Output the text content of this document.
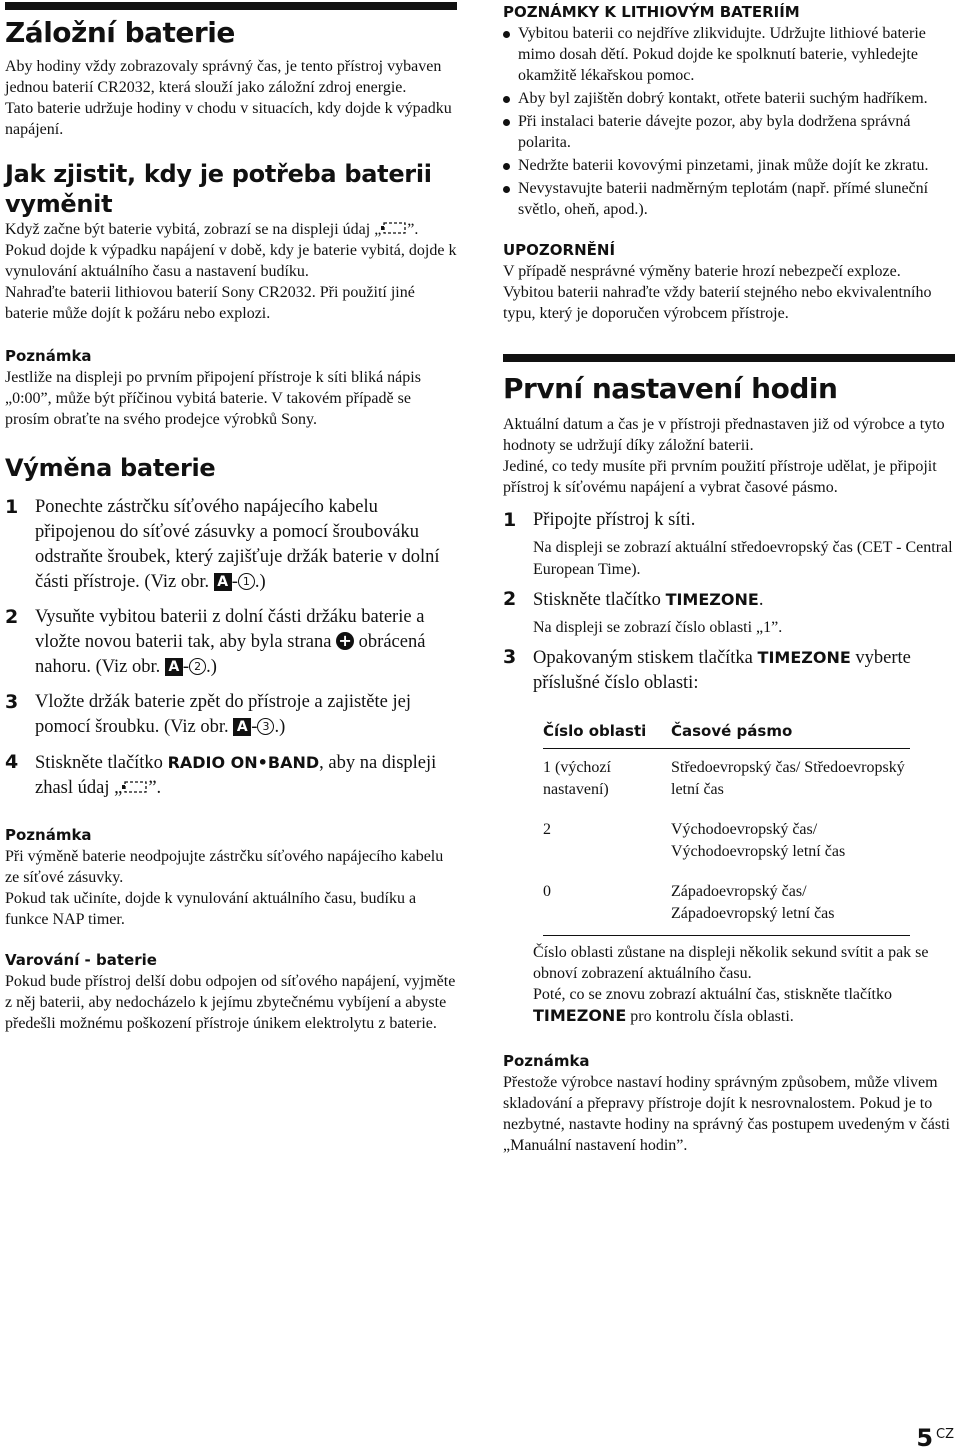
Záložní baterie

Aby hodiny vždy zobrazovaly správný čas, je tento přístroj vybaven jednou baterií CR2032, která slouží jako záložní zdroj energie.

Tato baterie udržuje hodiny v chodu v situacích, kdy dojde k výpadku napájení.

Jak zjistit, kdy je potřeba baterii vyměnit

Když začne být baterie vybitá, zobrazí se na displeji údaj „ ”.

Pokud dojde k výpadku napájení v době, kdy je baterie vybitá, dojde k vynulování aktuálního času a nastavení budíku.

Nahraďte baterii lithiovou baterií Sony CR2032. Při použití jiné baterie může dojít k požáru nebo explozi.

Poznámka

Jestliže na displeji po prvním připojení přístroje k síti bliká nápis „0:00”, může být příčinou vybitá baterie. V takovém případě se prosím obraťte na svého prodejce výrobků Sony.

Výměna baterie
1 Ponechte zástrčku síťového napájecího kabelu připojenou do síťové zásuvky a pomocí šroubováku odstraňte šroubek, který zajišťuje držák baterie v dolní části přístroje. (Viz obr. A - 1 .)
2 Vysuňte vybitou baterii z dolní části držáku baterie a vložte novou baterii tak, aby byla strana + obrácená nahoru. (Viz obr. A - 2 .)
3 Vložte držák baterie zpět do přístroje a zajistěte jej pomocí šroubku. (Viz obr. A - 3 .)
4 Stiskněte tlačítko RADIO ON•BAND, aby na displeji zhasl údaj „ ”.
Poznámka

Při výměně baterie neodpojujte zástrčku síťového napájecího kabelu ze síťové zásuvky.

Pokud tak učiníte, dojde k vynulování aktuálního času, budíku a funkce NAP timer.

Varování - baterie

Pokud bude přístroj delší dobu odpojen od síťového napájení, vyjměte z něj baterii, aby nedocházelo k jejímu zbytečnému vybíjení a abyste předešli možnému poškození přístroje únikem elektrolytu z baterie.

POZNÁMKY K LITHIOVÝM BATERIÍM
Vybitou baterii co nejdříve zlikvidujte. Udržujte lithiové baterie mimo dosah dětí. Pokud dojde ke spolknutí baterie, vyhledejte okamžitě lékařskou pomoc.
Aby byl zajištěn dobrý kontakt, otřete baterii suchým hadříkem.
Při instalaci baterie dávejte pozor, aby byla dodržena správná polarita.
Nedržte baterii kovovými pinzetami, jinak může dojít ke zkratu.
Nevystavujte baterii nadměrným teplotám (např. přímé sluneční světlo, oheň, apod.).
UPOZORNĚNÍ

V případě nesprávné výměny baterie hrozí nebezpečí exploze.

Vybitou baterii nahraďte vždy baterií stejného nebo ekvivalentního typu, který je doporučen výrobcem přístroje.

První nastavení hodin

Aktuální datum a čas je v přístroji přednastaven již od výrobce a tyto hodnoty se udržují díky záložní baterii.

Jediné, co tedy musíte při prvním použití přístroje udělat, je připojit přístroj k síťovému napájení a vybrat časové pásmo.

1 Připojte přístroj k síti.
Na displeji se zobrazí aktuální středoevropský čas (CET - Central European Time).
2 Stiskněte tlačítko TIMEZONE.
Na displeji se zobrazí číslo oblasti „1”.
3 Opakovaným stiskem tlačítka TIMEZONE vyberte příslušné číslo oblasti:
Číslo oblasti	Časové pásmo
1 (výchozí nastavení)	Středoevropský čas/ Středoevropský letní čas
2	Východoevropský čas/ Východoevropský letní čas
0	Západoevropský čas/ Západoevropský letní čas

Číslo oblasti zůstane na displeji několik sekund svítit a pak se obnoví zobrazení aktuálního času.

Poté, co se znovu zobrazí aktuální čas, stiskněte tlačítko TIMEZONE pro kontrolu čísla oblasti.

Poznámka

Přestože výrobce nastaví hodiny správným způsobem, může vlivem skladování a přepravy přístroje dojít k nesrovnalostem. Pokud je to nezbytné, nastavte hodiny na správný čas postupem uvedeným v části „Manuální nastavení hodin”.

5 $^{CZ}$
